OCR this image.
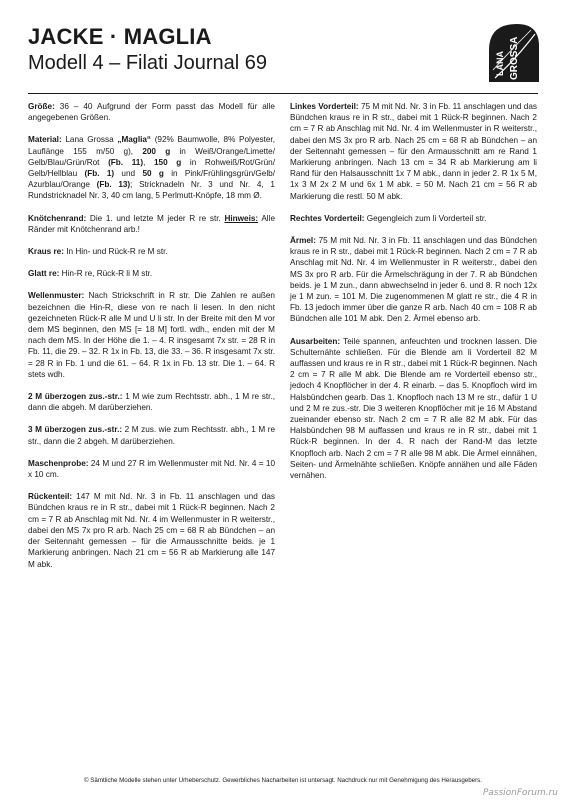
JACKE · MAGLIA
Modell 4 – Filati Journal 69	LANA GROSSA

Größe: 36 – 40 Aufgrund der Form passt das Modell für alle angegebenen Größen.

Material: Lana Grossa „Maglia“ (92% Baumwolle, 8% Polyester, Lauflänge 155 m/50 g), 200 g in Weiß/Orange/Limette/ Gelb/Blau/Grün/Rot (Fb. 11), 150 g in Rohweiß/Rot/Grün/ Gelb/Hellblau (Fb. 1) und 50 g in Pink/Frühlingsgrün/Gelb/ Azurblau/Orange (Fb. 13); Stricknadeln Nr. 3 und Nr. 4, 1 Rundstricknadel Nr. 3, 40 cm lang, 5 Perlmutt-Knöpfe, 18 mm Ø.

Knötchenrand: Die 1. und letzte M jeder R re str. Hinweis: Alle Ränder mit Knötchenrand arb.!

Kraus re: In Hin- und Rück-R re M str.

Glatt re: Hin-R re, Rück-R li M str.

Wellenmuster: Nach Strickschrift in R str. Die Zahlen re außen bezeichnen die Hin-R, diese von re nach li lesen. In den nicht gezeichneten Rück-R alle M und U li str. In der Breite mit den M vor dem MS beginnen, den MS [= 18 M] fortl. wdh., enden mit der M nach dem MS. In der Höhe die 1. – 4. R insgesamt 7x str. = 28 R in Fb. 11, die 29. – 32. R 1x in Fb. 13, die 33. – 36. R insgesamt 7x str. = 28 R in Fb. 1 und die 61. – 64. R 1x in Fb. 13 str. Die 1. – 64. R stets wdh.

2 M überzogen zus.-str.: 1 M wie zum Rechtsstr. abh., 1 M re str., dann die abgeh. M darüberziehen.

3 M überzogen zus.-str.: 2 M zus. wie zum Rechtsstr. abh., 1 M re str., dann die 2 abgeh. M darüberziehen.

Maschenprobe: 24 M und 27 R im Wellenmuster mit Nd. Nr. 4 = 10 x 10 cm.

Rückenteil: 147 M mit Nd. Nr. 3 in Fb. 11 anschlagen und das Bündchen kraus re in R str., dabei mit 1 Rück-R beginnen. Nach 2 cm = 7 R ab Anschlag mit Nd. Nr. 4 im Wellenmuster in R weiterstr., dabei den MS 7x pro R arb. Nach 25 cm = 68 R ab Bündchen – an der Seitennaht gemessen – für die Armausschnitte beids. je 1 Markierung anbringen. Nach 21 cm = 56 R ab Markierung alle 147 M abk.

Linkes Vorderteil: 75 M mit Nd. Nr. 3 in Fb. 11 anschlagen und das Bündchen kraus re in R str., dabei mit 1 Rück-R beginnen. Nach 2 cm = 7 R ab Anschlag mit Nd. Nr. 4 im Wellenmuster in R weiterstr., dabei den MS 3x pro R arb. Nach 25 cm = 68 R ab Bündchen – an der Seitennaht gemessen – für den Armausschnitt am re Rand 1 Markierung anbringen. Nach 13 cm = 34 R ab Markierung am li Rand für den Halsausschnitt 1x 7 M abk., dann in jeder 2. R 1x 5 M, 1x 3 M 2x 2 M und 6x 1 M abk. = 50 M. Nach 21 cm = 56 R ab Markierung die restl. 50 M abk.

Rechtes Vorderteil: Gegengleich zum li Vorderteil str.

Ärmel: 75 M mit Nd. Nr. 3 in Fb. 11 anschlagen und das Bündchen kraus re in R str., dabei mit 1 Rück-R beginnen. Nach 2 cm = 7 R ab Anschlag mit Nd. Nr. 4 im Wellenmuster in R weiterstr., dabei den MS 3x pro R arb. Für die Ärmelschrägung in der 7. R ab Bündchen beids. je 1 M zun., dann abwechselnd in jeder 6. und 8. R noch 12x je 1 M zun. = 101 M. Die zugenommenen M glatt re str., die 4 R in Fb. 13 jedoch immer über die ganze R arb. Nach 40 cm = 108 R ab Bündchen alle 101 M abk. Den 2. Ärmel ebenso arb.

Ausarbeiten: Teile spannen, anfeuchten und trocknen lassen. Die Schulternähte schließen. Für die Blende am li Vorderteil 82 M auffassen und kraus re in R str., dabei mit 1 Rück-R beginnen. Nach 2 cm = 7 R alle M abk. Die Blende am re Vorderteil ebenso str., jedoch 4 Knopflöcher in der 4. R einarb. – das 5. Knopfloch wird im Halsbündchen gearb. Das 1. Knopfloch nach 13 M re str., dafür 1 U und 2 M re zus.-str. Die 3 weiteren Knopflöcher mit je 16 M Abstand zueinander ebenso str. Nach 2 cm = 7 R alle 82 M abk. Für das Halsbündchen 98 M auffassen und kraus re in R str., dabei mit 1 Rück-R beginnen. In der 4. R nach der Rand-M das letzte Knopfloch arb. Nach 2 cm = 7 R alle 98 M abk. Die Ärmel einnähen, Seiten- und Ärmelnähte schließen. Knöpfe annähen und alle Fäden vernähen.

© Sämtliche Modelle stehen unter Urheberschutz. Gewerbliches Nacharbeiten ist untersagt. Nachdruck nur mit Genehmigung des Herausgebers.
PassionForum.ru
